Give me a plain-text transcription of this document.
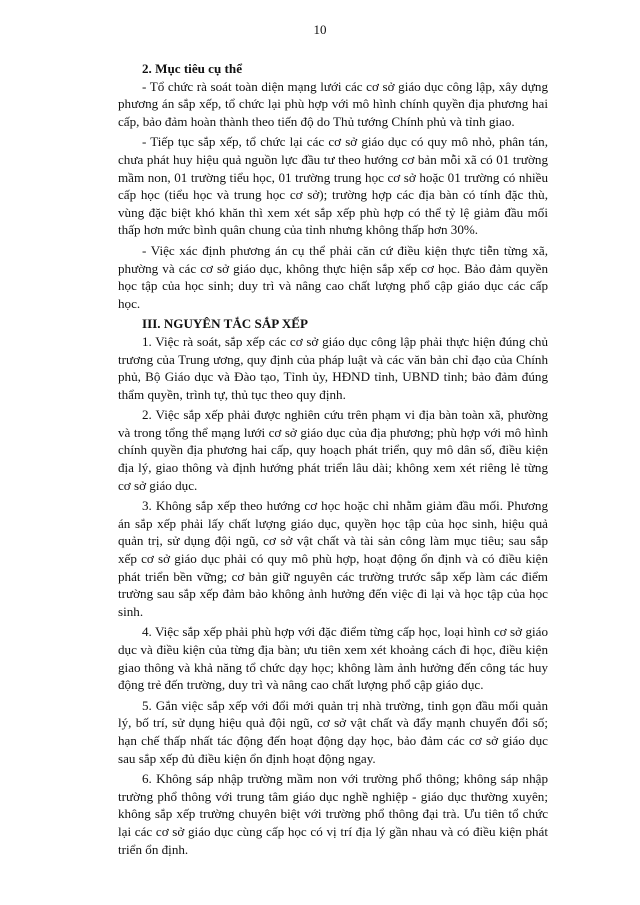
10
2. Mục tiêu cụ thể

- Tổ chức rà soát toàn diện mạng lưới các cơ sở giáo dục công lập, xây dựng phương án sắp xếp, tổ chức lại phù hợp với mô hình chính quyền địa phương hai cấp, bảo đảm hoàn thành theo tiến độ do Thủ tướng Chính phủ và tỉnh giao.

- Tiếp tục sắp xếp, tổ chức lại các cơ sở giáo dục có quy mô nhỏ, phân tán, chưa phát huy hiệu quả nguồn lực đầu tư theo hướng cơ bản mỗi xã có 01 trường mầm non, 01 trường tiểu học, 01 trường trung học cơ sở hoặc 01 trường có nhiều cấp học (tiểu học và trung học cơ sở); trường hợp các địa bàn có tính đặc thù, vùng đặc biệt khó khăn thì xem xét sắp xếp phù hợp có thể tỷ lệ giảm đầu mối thấp hơn mức bình quân chung của tỉnh nhưng không thấp hơn 30%.

- Việc xác định phương án cụ thể phải căn cứ điều kiện thực tiễn từng xã, phường và các cơ sở giáo dục, không thực hiện sắp xếp cơ học. Bảo đảm quyền học tập của học sinh; duy trì và nâng cao chất lượng phổ cập giáo dục các cấp học.

III. NGUYÊN TẮC SẮP XẾP

1. Việc rà soát, sắp xếp các cơ sở giáo dục công lập phải thực hiện đúng chủ trương của Trung ương, quy định của pháp luật và các văn bản chỉ đạo của Chính phủ, Bộ Giáo dục và Đào tạo, Tỉnh ủy, HĐND tỉnh, UBND tỉnh; bảo đảm đúng thẩm quyền, trình tự, thủ tục theo quy định.

2. Việc sắp xếp phải được nghiên cứu trên phạm vi địa bàn toàn xã, phường và trong tổng thể mạng lưới cơ sở giáo dục của địa phương; phù hợp với mô hình chính quyền địa phương hai cấp, quy hoạch phát triển, quy mô dân số, điều kiện địa lý, giao thông và định hướng phát triển lâu dài; không xem xét riêng lẻ từng cơ sở giáo dục.

3. Không sắp xếp theo hướng cơ học hoặc chỉ nhằm giảm đầu mối. Phương án sắp xếp phải lấy chất lượng giáo dục, quyền học tập của học sinh, hiệu quả quản trị, sử dụng đội ngũ, cơ sở vật chất và tài sản công làm mục tiêu; sau sắp xếp cơ sở giáo dục phải có quy mô phù hợp, hoạt động ổn định và có điều kiện phát triển bền vững; cơ bản giữ nguyên các trường trước sắp xếp làm các điểm trường sau sắp xếp đảm bảo không ảnh hưởng đến việc đi lại và học tập của học sinh.

4. Việc sắp xếp phải phù hợp với đặc điểm từng cấp học, loại hình cơ sở giáo dục và điều kiện của từng địa bàn; ưu tiên xem xét khoảng cách đi học, điều kiện giao thông và khả năng tổ chức dạy học; không làm ảnh hưởng đến công tác huy động trẻ đến trường, duy trì và nâng cao chất lượng phổ cập giáo dục.

5. Gắn việc sắp xếp với đổi mới quản trị nhà trường, tinh gọn đầu mối quản lý, bố trí, sử dụng hiệu quả đội ngũ, cơ sở vật chất và đẩy mạnh chuyển đổi số; hạn chế thấp nhất tác động đến hoạt động dạy học, bảo đảm các cơ sở giáo dục sau sắp xếp đủ điều kiện ổn định hoạt động ngay.

6. Không sáp nhập trường mầm non với trường phổ thông; không sáp nhập trường phổ thông với trung tâm giáo dục nghề nghiệp - giáo dục thường xuyên; không sắp xếp trường chuyên biệt với trường phổ thông đại trà. Ưu tiên tổ chức lại các cơ sở giáo dục cùng cấp học có vị trí địa lý gần nhau và có điều kiện phát triển ổn định.
